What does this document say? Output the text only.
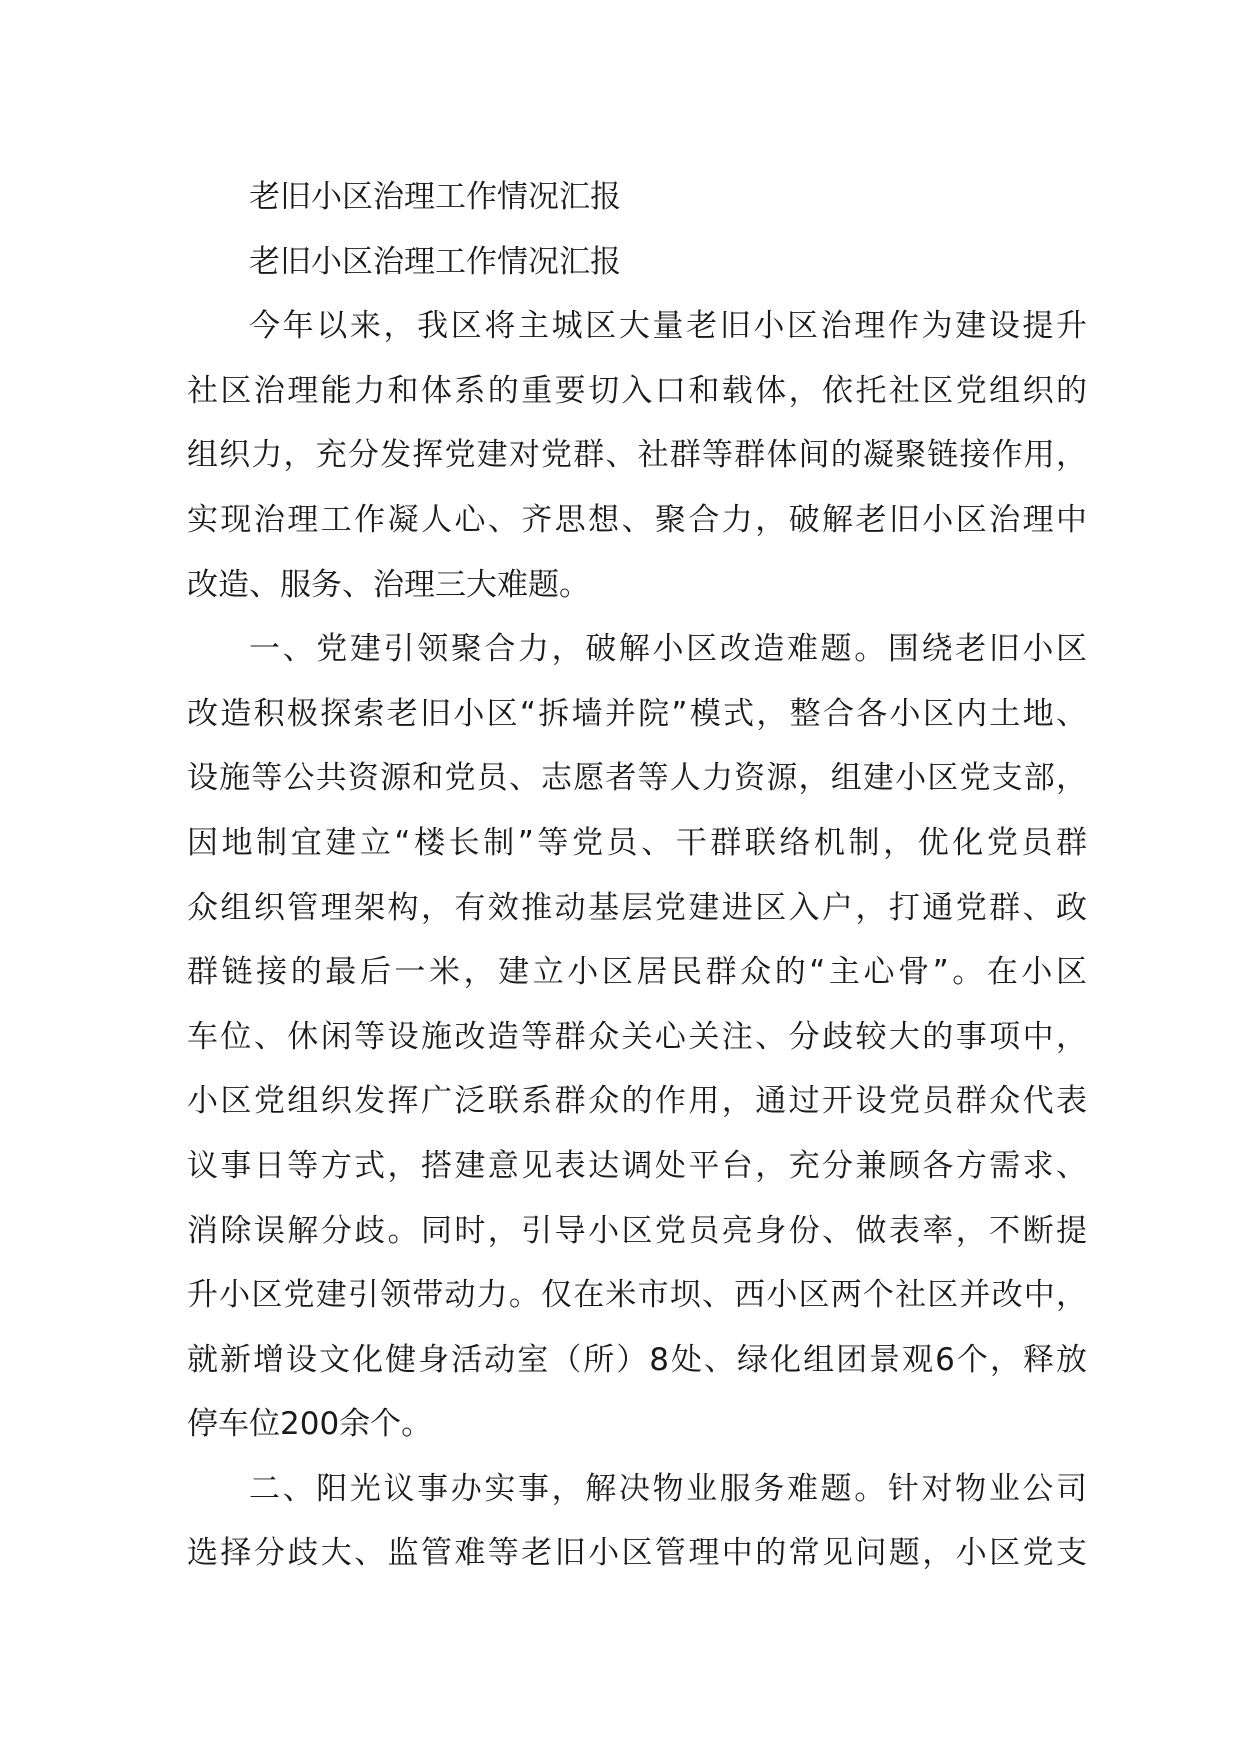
老旧小区治理工作情况汇报
老旧小区治理工作情况汇报
今年以来，我区将主城区大量老旧小区治理作为建设提升
社区治理能力和体系的重要切入口和载体，依托社区党组织的
组织力，充分发挥党建对党群、社群等群体间的凝聚链接作用，
实现治理工作凝人心、齐思想、聚合力，破解老旧小区治理中
改造、服务、治理三大难题。
一、党建引领聚合力，破解小区改造难题。围绕老旧小区
改造积极探索老旧小区“拆墙并院”模式，整合各小区内土地、
设施等公共资源和党员、志愿者等人力资源，组建小区党支部，
因地制宜建立“楼长制”等党员、干群联络机制，优化党员群
众组织管理架构，有效推动基层党建进区入户，打通党群、政
群链接的最后一米，建立小区居民群众的“主心骨”。在小区
车位、休闲等设施改造等群众关心关注、分歧较大的事项中，
小区党组织发挥广泛联系群众的作用，通过开设党员群众代表
议事日等方式，搭建意见表达调处平台，充分兼顾各方需求、
消除误解分歧。同时，引导小区党员亮身份、做表率，不断提
升小区党建引领带动力。仅在米市坝、西小区两个社区并改中，
就新增设文化健身活动室（所）8处、绿化组团景观6个，释放
停车位200余个。
二、阳光议事办实事，解决物业服务难题。针对物业公司
选择分歧大、监管难等老旧小区管理中的常见问题，小区党支
